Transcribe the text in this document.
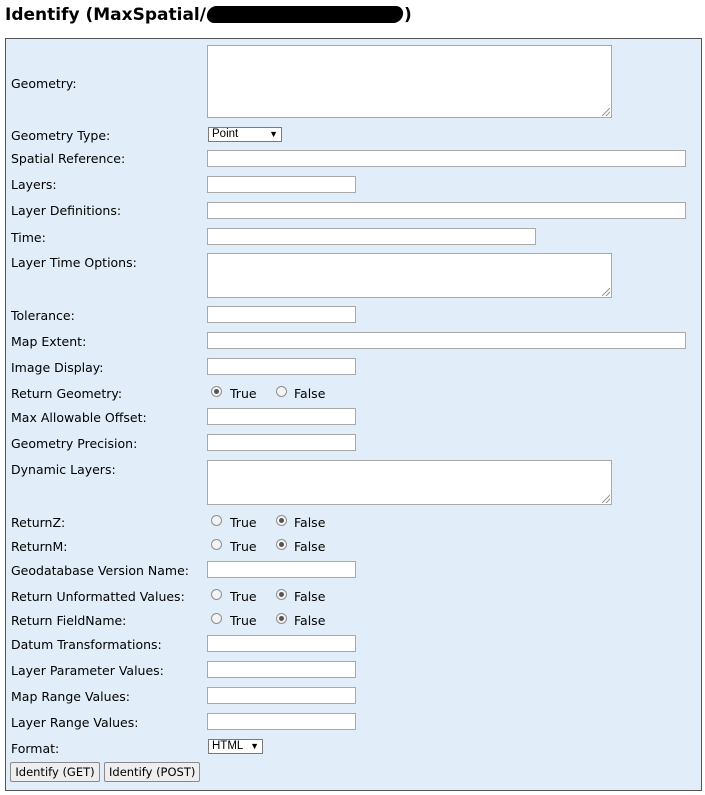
Identify (MaxSpatial/	)
Geometry:
Geometry Type:	Point	▼
Spatial Reference:
Layers:
Layer Definitions:
Time:
Layer Time Options:
Tolerance:
Map Extent:
Image Display:
Return Geometry:	True	False
Max Allowable Offset:
Geometry Precision:
Dynamic Layers:
ReturnZ:	True	False
ReturnM:	True	False
Geodatabase Version Name:
Return Unformatted Values:	True	False
Return FieldName:	True	False
Datum Transformations:
Layer Parameter Values:
Map Range Values:
Layer Range Values:
Format:	HTML ▼
Identify (GET)	Identify (POST)
